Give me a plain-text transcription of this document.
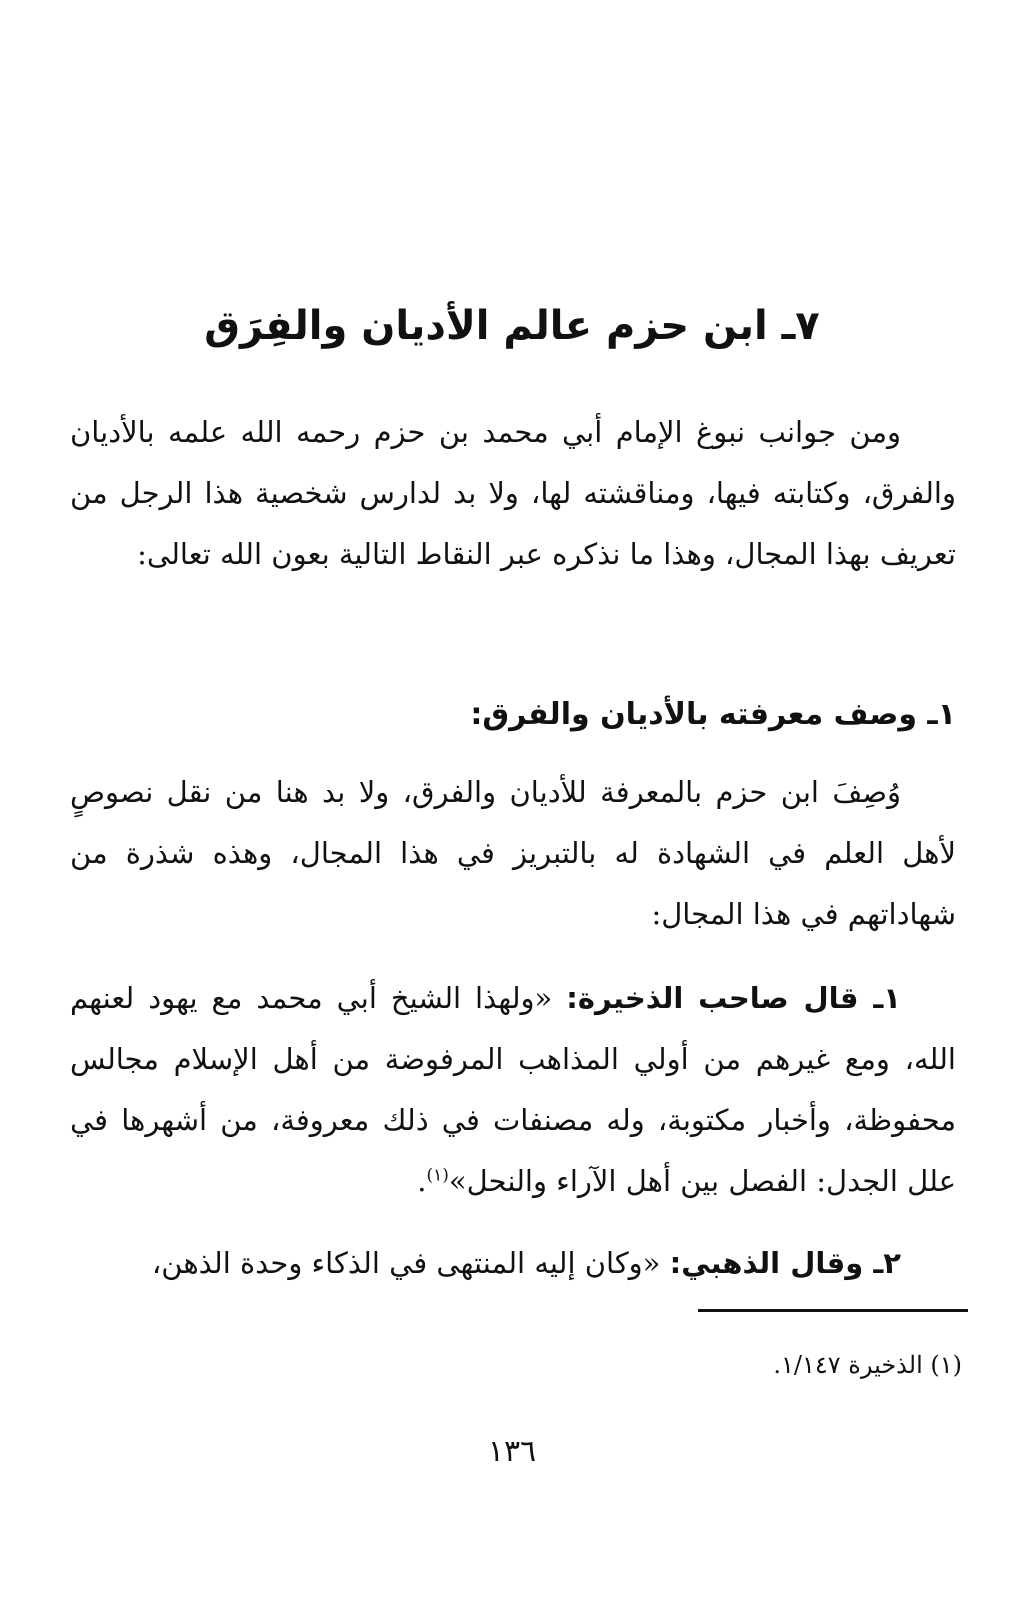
٧ـ ابن حزم عالم الأديان والفِرَق

ومن جوانب نبوغ الإمام أبي محمد بن حزم رحمه الله علمه بالأديان والفرق، وكتابته فيها، ومناقشته لها، ولا بد لدارس شخصية هذا الرجل من تعريف بهذا المجال، وهذا ما نذكره عبر النقاط التالية بعون الله تعالى:

١ـ وصف معرفته بالأديان والفرق:

وُصِفَ ابن حزم بالمعرفة للأديان والفرق، ولا بد هنا من نقل نصوصٍ لأهل العلم في الشهادة له بالتبريز في هذا المجال، وهذه شذرة من شهاداتهم في هذا المجال:

١ـ قال صاحب الذخيرة: «ولهذا الشيخ أبي محمد مع يهود لعنهم الله، ومع غيرهم من أولي المذاهب المرفوضة من أهل الإسلام مجالس محفوظة، وأخبار مكتوبة، وله مصنفات في ذلك معروفة، من أشهرها في علل الجدل: الفصل بين أهل الآراء والنحل»$^{(١)}$.

٢ـ وقال الذهبي: «وكان إليه المنتهى في الذكاء وحدة الذهن،

(١) الذخيرة ١/١٤٧.

١٣٦
